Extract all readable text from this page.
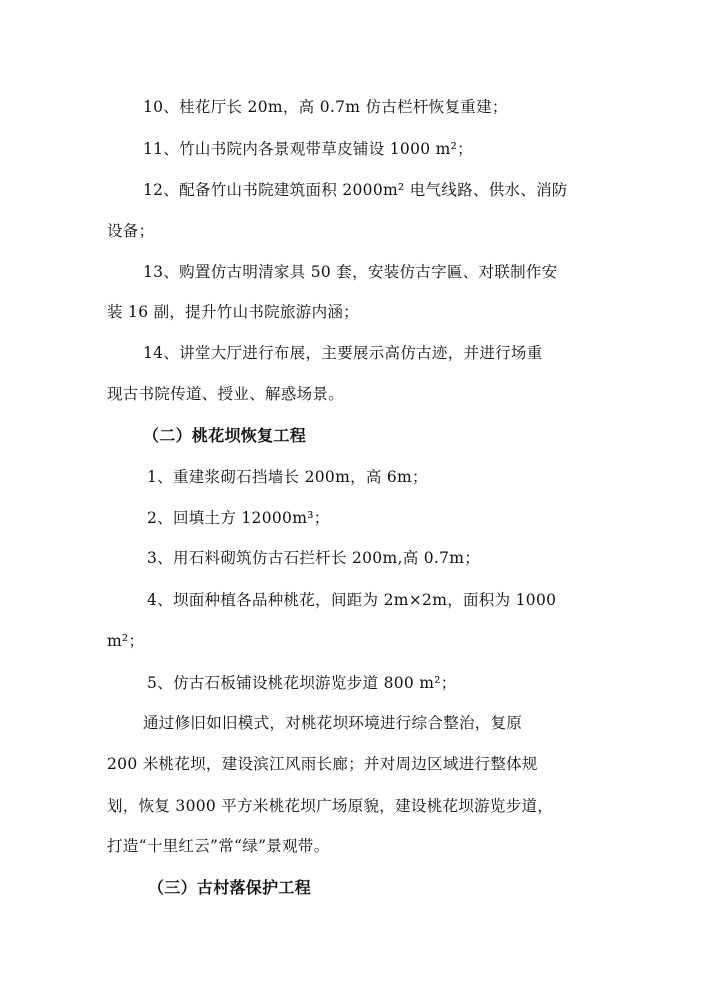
10、桂花厅长 20m，高 0.7m 仿古栏杆恢复重建；
11、竹山书院内各景观带草皮铺设 1000 m²；
12、配备竹山书院建筑面积 2000m² 电气线路、供水、消防
设备；
13、购置仿古明清家具 50 套，安装仿古字匾、对联制作安
装 16 副，提升竹山书院旅游内涵；
14、讲堂大厅进行布展，主要展示高仿古迹，并进行场重
现古书院传道、授业、解惑场景。
（二）桃花坝恢复工程
1、重建浆砌石挡墙长 200m，高 6m；
2、回填土方 12000m³；
3、用石料砌筑仿古石拦杆长 200m,高 0.7m；
4、坝面种植各品种桃花，间距为 2m×2m，面积为 1000
m²；
5、仿古石板铺设桃花坝游览步道 800 m²；
通过修旧如旧模式，对桃花坝环境进行综合整治，复原
200 米桃花坝，建设滨江风雨长廊；并对周边区域进行整体规
划，恢复 3000 平方米桃花坝广场原貌，建设桃花坝游览步道，
打造“十里红云”常“绿”景观带。
（三）古村落保护工程
